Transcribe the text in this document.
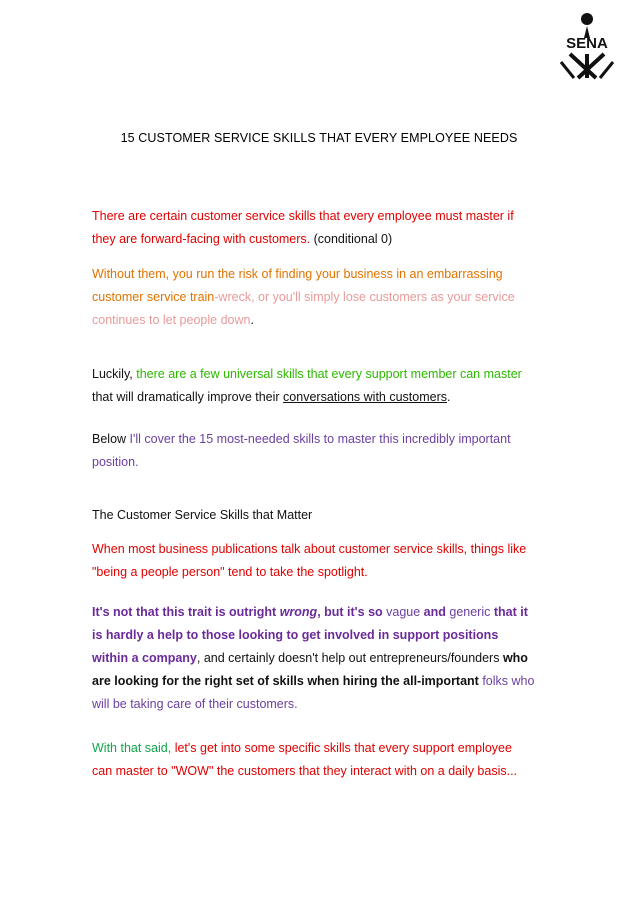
SENA
15 CUSTOMER SERVICE SKILLS THAT EVERY EMPLOYEE NEEDS
There are certain customer service skills that every employee must master if
they are forward-facing with customers. (conditional 0)
Without them, you run the risk of finding your business in an embarrassing
customer service train-wreck, or you'll simply lose customers as your service
continues to let people down.
Luckily, there are a few universal skills that every support member can master
that will dramatically improve their conversations with customers.
Below I'll cover the 15 most-needed skills to master this incredibly important
position.
The Customer Service Skills that Matter
When most business publications talk about customer service skills, things like
"being a people person" tend to take the spotlight.
It's not that this trait is outright wrong, but it's so vague and generic that it
is hardly a help to those looking to get involved in support positions
within a company, and certainly doesn't help out entrepreneurs/founders who
are looking for the right set of skills when hiring the all-important folks who
will be taking care of their customers.
With that said, let's get into some specific skills that every support employee
can master to "WOW" the customers that they interact with on a daily basis...
